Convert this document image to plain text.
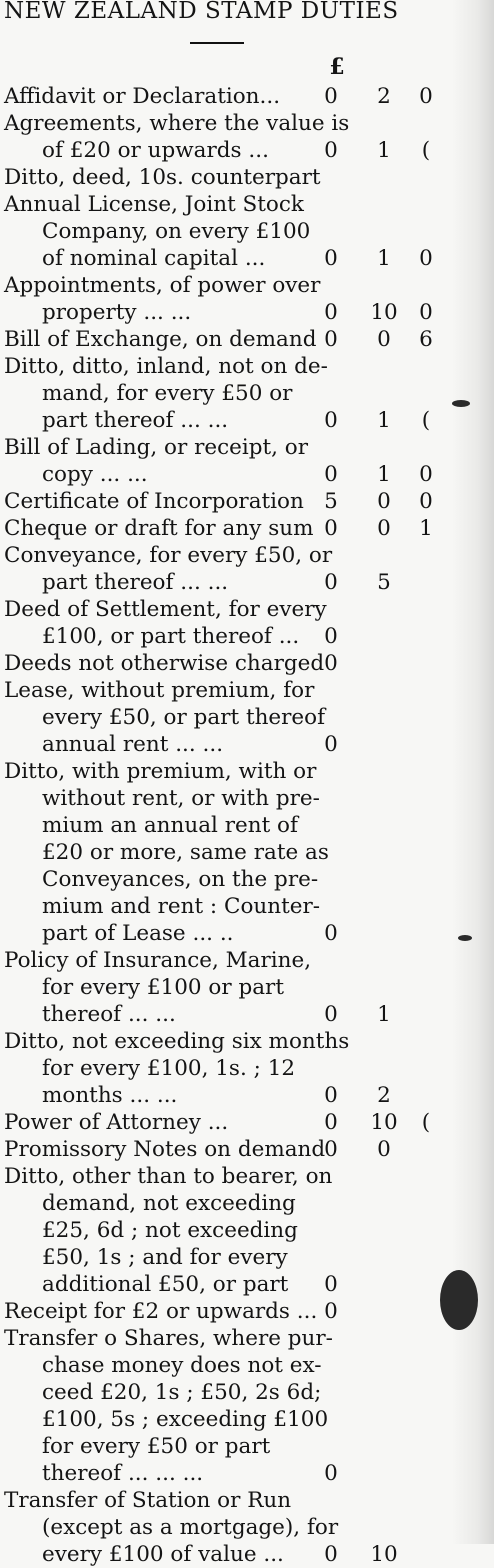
NEW ZEALAND STAMP DUTIES
£
Affidavit or Declaration... 0 2 0
Agreements, where the value is
of £20 or upwards ...	0 1	(
Ditto, deed, 10s. counterpart
Annual License, Joint Stock
Company, on every £100
of nominal capital ...	0 1 0
Appointments, of power over
property ... ...	0 10 0
Bill of Exchange, on demand 0 0 6
Ditto, ditto, inland, not on de-
mand, for every £50 or
part thereof ... ...	0 1	(
Bill of Lading, or receipt, or
copy ... ...	0 1 0
Certificate of Incorporation 5 0 0
Cheque or draft for any sum 0 0 1
Conveyance, for every £50, or
part thereof ... ...	0 5
Deed of Settlement, for every
£100, or part thereof ... 0
Deeds not otherwise charged 0
Lease, without premium, for
every £50, or part thereof
annual rent ... ...	0
Ditto, with premium, with or
without rent, or with pre-
mium an annual rent of
£20 or more, same rate as
Conveyances, on the pre-
mium and rent : Counter-
part of Lease ... ..	0
Policy of Insurance, Marine,
for every £100 or part
thereof ... ...	0 1
Ditto, not exceeding six months
for every £100, 1s. ; 12
months ... ...	0 2
Power of Attorney ...	0 10	(
Promissory Notes on demand 0 0
Ditto, other than to bearer, on
demand, not exceeding
£25, 6d ; not exceeding
£50, 1s ; and for every
additional £50, or part 0
Receipt for £2 or upwards ... 0
Transfer o Shares, where pur-
chase money does not ex-
ceed £20, 1s ; £50, 2s 6d;
£100, 5s ; exceeding £100
for every £50 or part
thereof ... ... ...	0
Transfer of Station or Run
(except as a mortgage), for
every £100 of value ... 0 10
